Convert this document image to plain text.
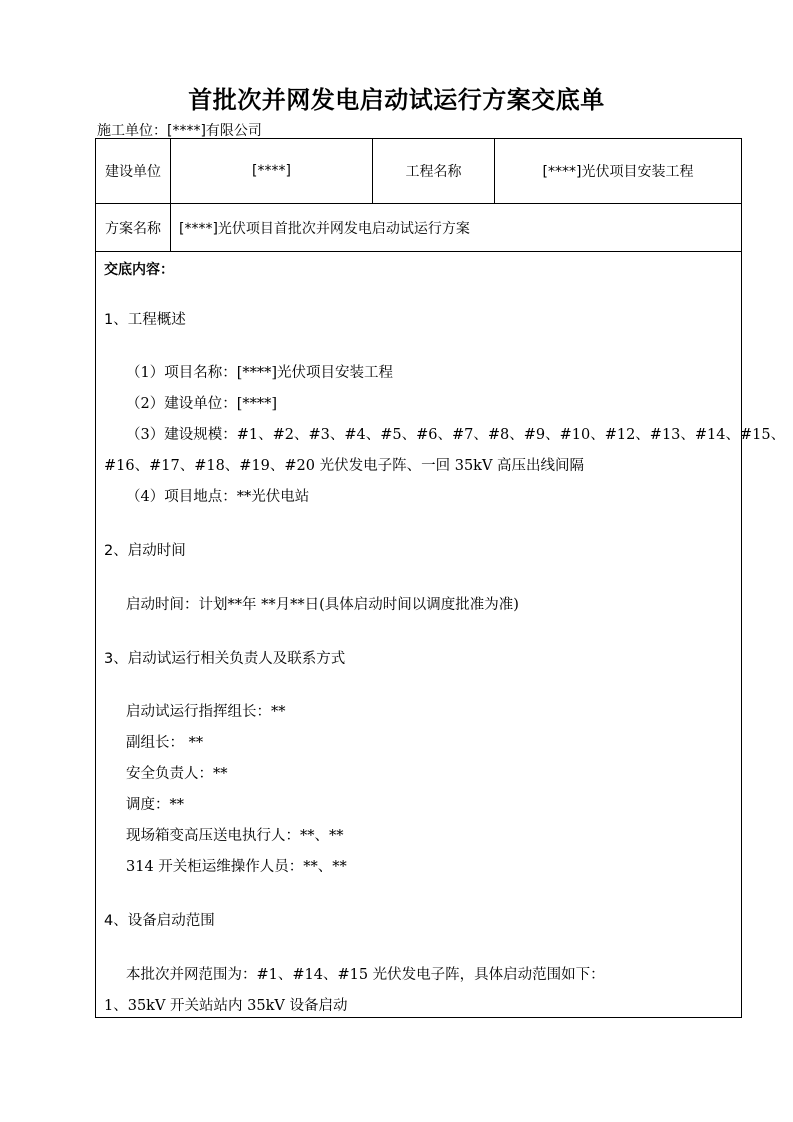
首批次并网发电启动试运行方案交底单
施工单位：[****]有限公司
建设单位	[****]	工程名称	[****]光伏项目安装工程
方案名称	[****]光伏项目首批次并网发电启动试运行方案

交底内容：

1、工程概述

（1）项目名称：[****]光伏项目安装工程

（2）建设单位：[****]

（3）建设规模：#1、#2、#3、#4、#5、#6、#7、#8、#9、#10、#12、#13、#14、#15、

#16、#17、#18、#19、#20 光伏发电子阵、一回 35kV 高压出线间隔

（4）项目地点：**光伏电站

2、启动时间

启动时间：计划**年 **月**日(具体启动时间以调度批准为准)

3、启动试运行相关负责人及联系方式

启动试运行指挥组长：**

副组长： **

安全负责人：**

调度：**

现场箱变高压送电执行人：**、**

314 开关柜运维操作人员：**、**

4、设备启动范围

本批次并网范围为：#1、#14、#15 光伏发电子阵，具体启动范围如下：

1、35kV 开关站站内 35kV 设备启动
